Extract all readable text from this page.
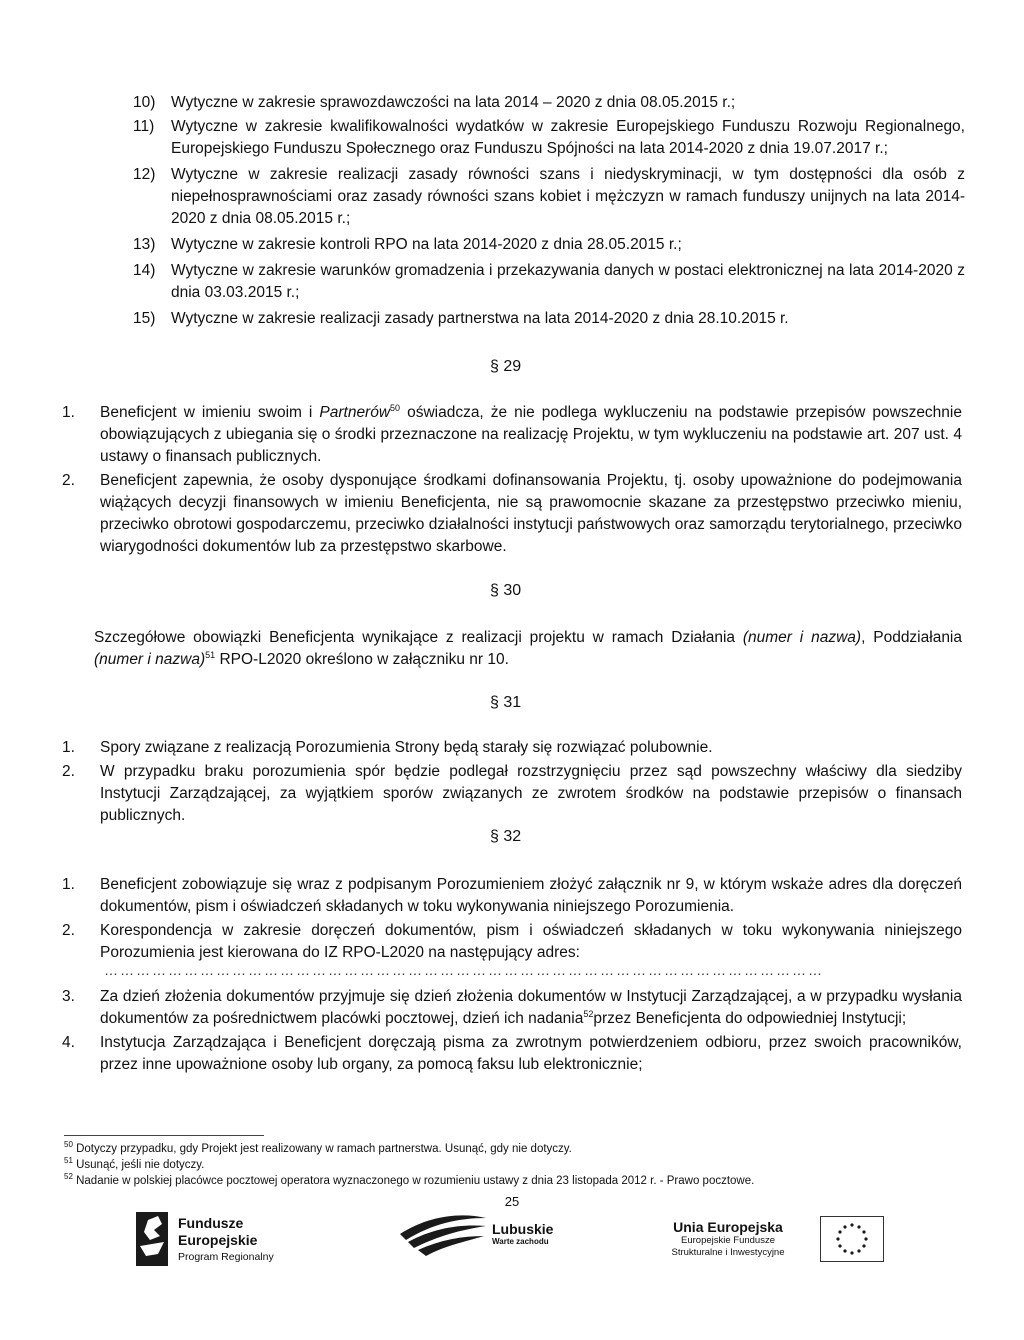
10) Wytyczne w zakresie sprawozdawczości na lata 2014 – 2020 z dnia 08.05.2015 r.;
11) Wytyczne w zakresie kwalifikowalności wydatków w zakresie Europejskiego Funduszu Rozwoju Regionalnego, Europejskiego Funduszu Społecznego oraz Funduszu Spójności na lata 2014-2020 z dnia 19.07.2017 r.;
12) Wytyczne w zakresie realizacji zasady równości szans i niedyskryminacji, w tym dostępności dla osób z niepełnosprawnościami oraz zasady równości szans kobiet i mężczyzn w ramach funduszy unijnych na lata 2014-2020 z dnia 08.05.2015 r.;
13) Wytyczne w zakresie kontroli RPO na lata 2014-2020 z dnia 28.05.2015 r.;
14) Wytyczne w zakresie warunków gromadzenia i przekazywania danych w postaci elektronicznej na lata 2014-2020 z dnia 03.03.2015 r.;
15) Wytyczne w zakresie realizacji zasady partnerstwa na lata 2014-2020 z dnia 28.10.2015 r.
§ 29
1. Beneficjent w imieniu swoim i Partnerów$^{50}$ oświadcza, że nie podlega wykluczeniu na podstawie przepisów powszechnie obowiązujących z ubiegania się o środki przeznaczone na realizację Projektu, w tym wykluczeniu na podstawie art. 207 ust. 4 ustawy o finansach publicznych.
2. Beneficjent zapewnia, że osoby dysponujące środkami dofinansowania Projektu, tj. osoby upoważnione do podejmowania wiążących decyzji finansowych w imieniu Beneficjenta, nie są prawomocnie skazane za przestępstwo przeciwko mieniu, przeciwko obrotowi gospodarczemu, przeciwko działalności instytucji państwowych oraz samorządu terytorialnego, przeciwko wiarygodności dokumentów lub za przestępstwo skarbowe.
§ 30
Szczegółowe obowiązki Beneficjenta wynikające z realizacji projektu w ramach Działania (numer i nazwa), Poddziałania (numer i nazwa)$^{51}$ RPO-L2020 określono w załączniku nr 10.
§ 31
1. Spory związane z realizacją Porozumienia Strony będą starały się rozwiązać polubownie.
2. W przypadku braku porozumienia spór będzie podlegał rozstrzygnięciu przez sąd powszechny właściwy dla siedziby Instytucji Zarządzającej, za wyjątkiem sporów związanych ze zwrotem środków na podstawie przepisów o finansach publicznych.
§ 32
1. Beneficjent zobowiązuje się wraz z podpisanym Porozumieniem złożyć załącznik nr 9, w którym wskaże adres dla doręczeń dokumentów, pism i oświadczeń składanych w toku wykonywania niniejszego Porozumienia.
2. Korespondencja w zakresie doręczeń dokumentów, pism i oświadczeń składanych w toku wykonywania niniejszego Porozumienia jest kierowana do IZ RPO-L2020 na następujący adres:
………………………………………………………………………………………………………………………
3. Za dzień złożenia dokumentów przyjmuje się dzień złożenia dokumentów w Instytucji Zarządzającej, a w przypadku wysłania dokumentów za pośrednictwem placówki pocztowej, dzień ich nadania$^{52}$przez Beneficjenta do odpowiedniej Instytucji;
4. Instytucja Zarządzająca i Beneficjent doręczają pisma za zwrotnym potwierdzeniem odbioru, przez swoich pracowników, przez inne upoważnione osoby lub organy, za pomocą faksu lub elektronicznie;
$^{50}$ Dotyczy przypadku, gdy Projekt jest realizowany w ramach partnerstwa. Usunąć, gdy nie dotyczy.
$^{51}$ Usunąć, jeśli nie dotyczy.
$^{52}$ Nadanie w polskiej placówce pocztowej operatora wyznaczonego w rozumieniu ustawy z dnia 23 listopada 2012 r. - Prawo pocztowe.
25
Fundusze
Europejskie
Program Regionalny
Lubuskie
Warte zachodu
Unia Europejska
Europejskie Fundusze
Strukturalne i Inwestycyjne
